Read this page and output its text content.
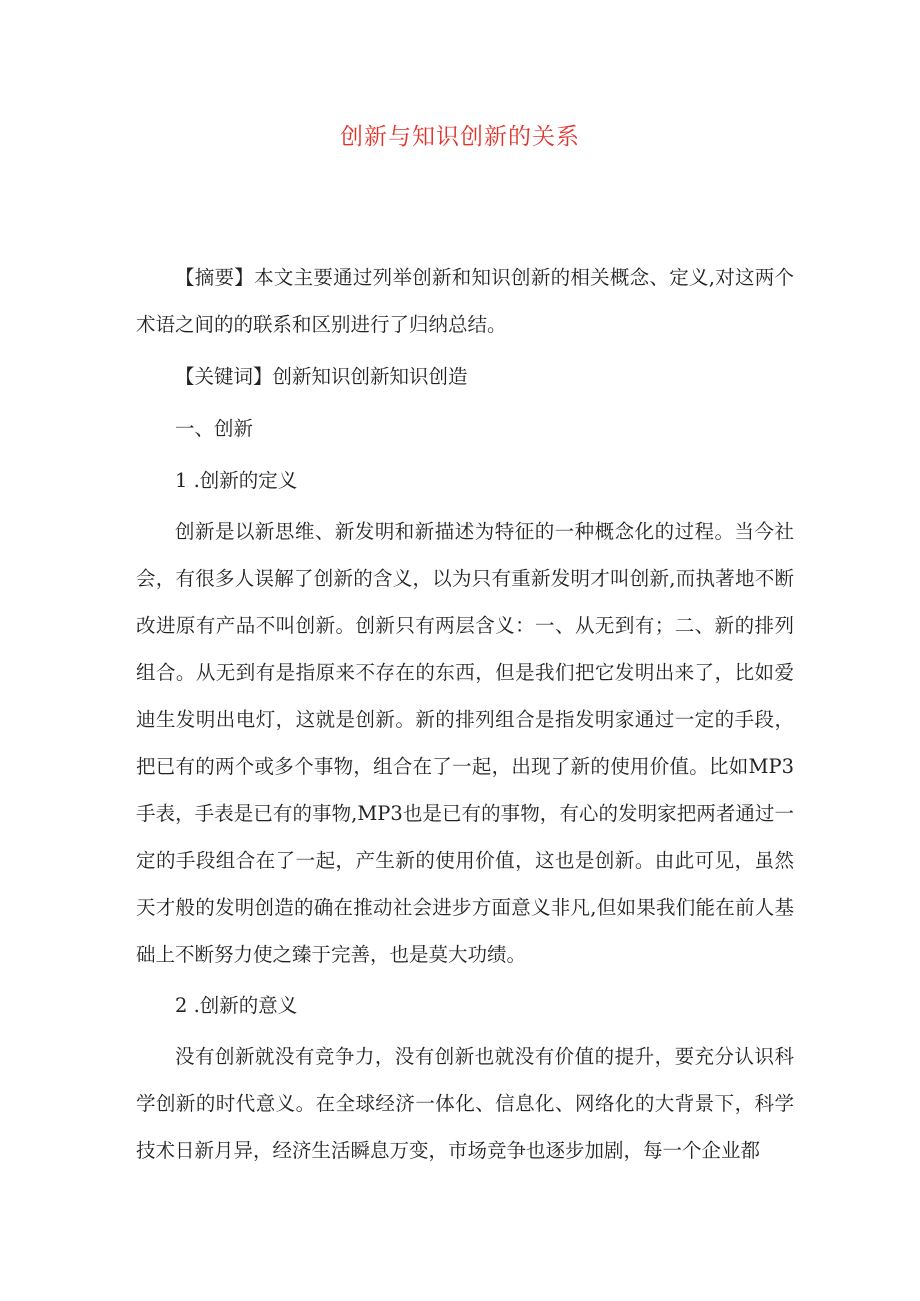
创新与知识创新的关系

【摘要】本文主要通过列举创新和知识创新的相关概念、定义,对这两个术语之间的的联系和区别进行了归纳总结。

【关键词】创新知识创新知识创造

一、创新

1 .创新的定义

创新是以新思维、新发明和新描述为特征的一种概念化的过程。当今社会，有很多人误解了创新的含义，以为只有重新发明才叫创新,而执著地不断改进原有产品不叫创新。创新只有两层含义：一、从无到有；二、新的排列组合。从无到有是指原来不存在的东西，但是我们把它发明出来了，比如爱迪生发明出电灯，这就是创新。新的排列组合是指发明家通过一定的手段，把已有的两个或多个事物，组合在了一起，出现了新的使用价值。比如MP3手表，手表是已有的事物,MP3也是已有的事物，有心的发明家把两者通过一定的手段组合在了一起，产生新的使用价值，这也是创新。由此可见，虽然天才般的发明创造的确在推动社会进步方面意义非凡,但如果我们能在前人基础上不断努力使之臻于完善，也是莫大功绩。

2 .创新的意义

没有创新就没有竞争力，没有创新也就没有价值的提升，要充分认识科学创新的时代意义。在全球经济一体化、信息化、网络化的大背景下，科学技术日新月异，经济生活瞬息万变，市场竞争也逐步加剧，每一个企业都
